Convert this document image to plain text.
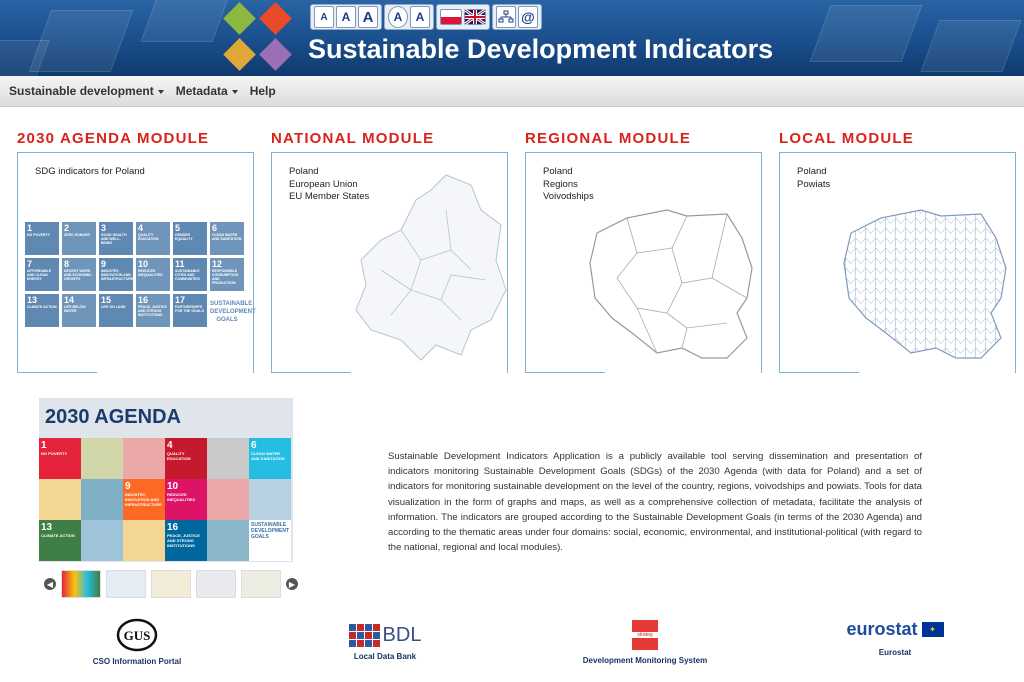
A	A A	A	A	@
Sustainable Development Indicators
Sustainable development	Metadata	Help
2030 AGENDA MODULE
SDG indicators for Poland
1
NO POVERTY
2
ZERO HUNGER
3
GOOD HEALTH AND WELL-BEING
4
QUALITY EDUCATION
5
GENDER EQUALITY
6
CLEAN WATER AND SANITATION
7
AFFORDABLE AND CLEAN ENERGY
8
DECENT WORK AND ECONOMIC GROWTH
9
INDUSTRY, INNOVATION AND INFRASTRUCTURE
10
REDUCED INEQUALITIES
11
SUSTAINABLE CITIES AND COMMUNITIES
12
RESPONSIBLE CONSUMPTION AND PRODUCTION
13
CLIMATE ACTION
14
LIFE BELOW WATER
15
LIFE ON LAND
16
PEACE, JUSTICE AND STRONG INSTITUTIONS
17
PARTNERSHIPS FOR THE GOALS
SUSTAINABLE DEVELOPMENT GOALS
NATIONAL MODULE
Poland
European Union
EU Member States
REGIONAL MODULE
Poland
Regions
Voivodships
LOCAL MODULE
Poland
Powiats
2030 AGENDA
1
NO POVERTY
4
QUALITY EDUCATION
6
CLEAN WATER AND SANITATION
9
INDUSTRY, INNOVATION AND INFRASTRUCTURE
10
REDUCED INEQUALITIES
13
CLIMATE ACTION
16
PEACE, JUSTICE AND STRONG INSTITUTIONS
SUSTAINABLE DEVELOPMENT GOALS
◀	▶
Sustainable Development Indicators Application is a publicly available tool serving dissemination and presentation of indicators monitoring Sustainable Development Goals (SDGs) of the 2030 Agenda (with data for Poland) and a set of indicators for monitoring sustainable development on the level of the country, regions, voivodships and powiats. Tools for data visualization in the form of graphs and maps, as well as a comprehensive collection of metadata, facilitate the analysis of information. The indicators are grouped according to the Sustainable Development Goals (in terms of the 2030 Agenda) and according to the thematic areas under four domains: social, economic, environmental, and institutional-political (with regard to the national, regional and local modules).
GUS
CSO Information Portal
BDL
Local Data Bank
strateg
Development Monitoring System
eurostat	✦
Eurostat
